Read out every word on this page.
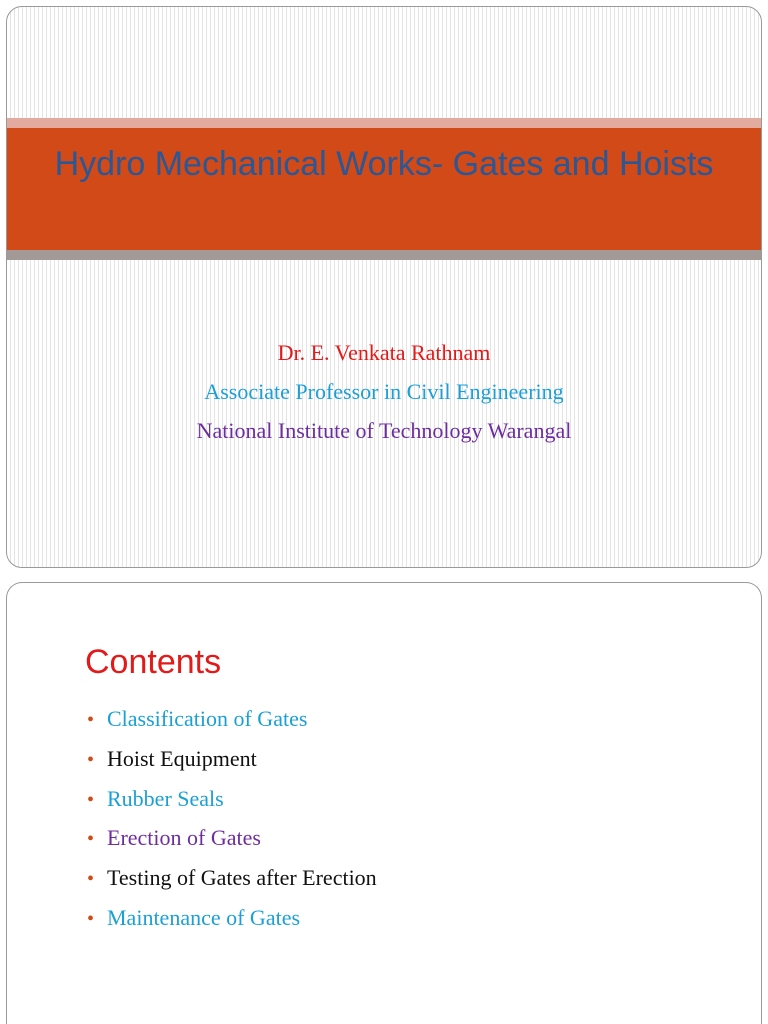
Hydro Mechanical Works- Gates and Hoists
Dr. E. Venkata Rathnam
Associate Professor in Civil Engineering
National Institute of Technology Warangal
Contents
• Classification of Gates
• Hoist Equipment
• Rubber Seals
• Erection of Gates
• Testing of Gates after Erection
• Maintenance of Gates
